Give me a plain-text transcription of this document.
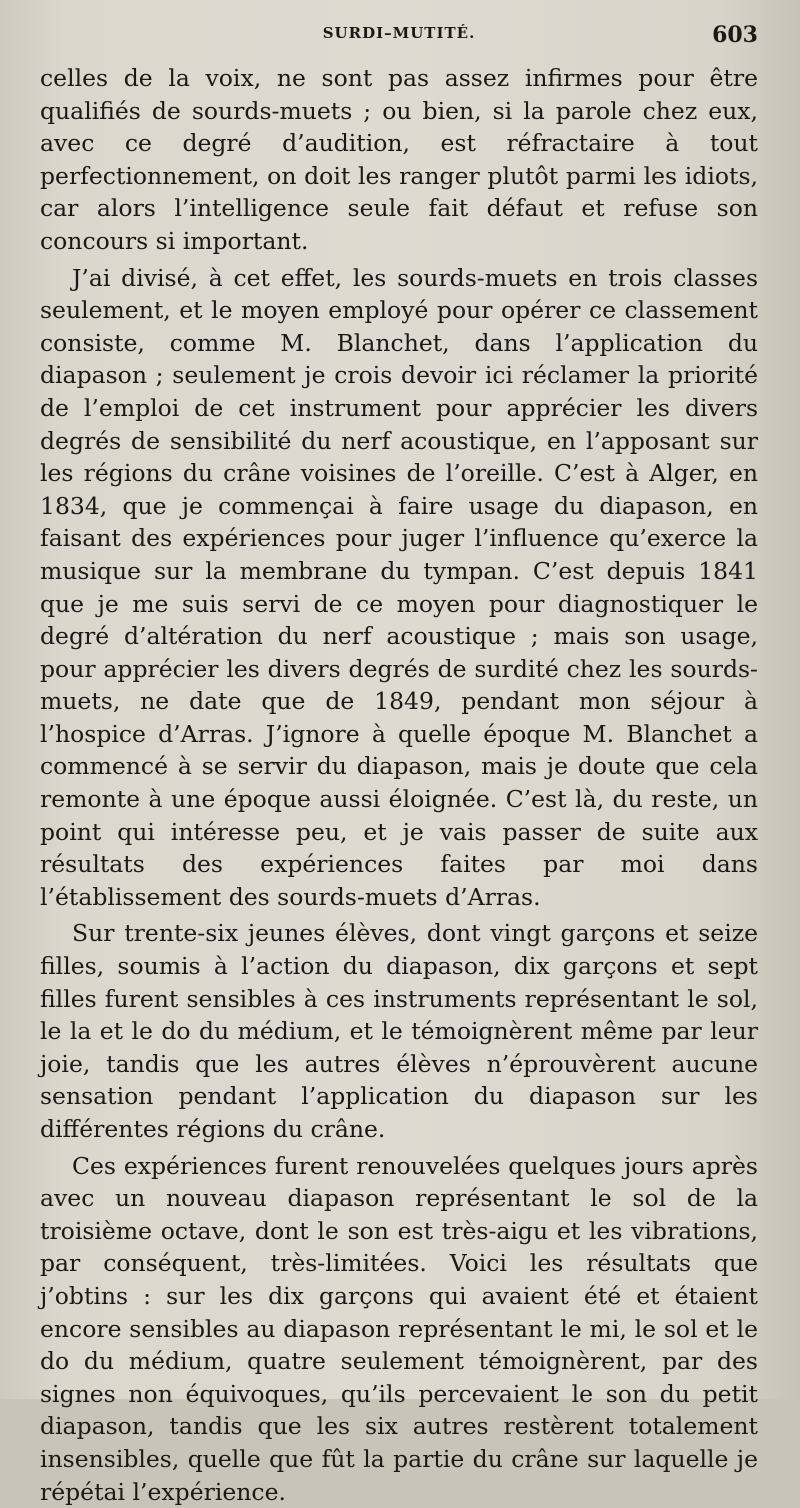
SURDI–MUTITÉ.	603

celles de la voix, ne sont pas assez infirmes pour être qualifiés de sourds-muets ; ou bien, si la parole chez eux, avec ce degré d’audition, est réfractaire à tout perfectionnement, on doit les ranger plutôt parmi les idiots, car alors l’intelligence seule fait défaut et refuse son concours si important.

J’ai divisé, à cet effet, les sourds-muets en trois classes seulement, et le moyen employé pour opérer ce classement consiste, comme M. Blanchet, dans l’application du diapason ; seulement je crois devoir ici réclamer la priorité de l’emploi de cet instrument pour apprécier les divers degrés de sensibilité du nerf acoustique, en l’apposant sur les régions du crâne voisines de l’oreille. C’est à Alger, en 1834, que je commençai à faire usage du diapason, en faisant des expériences pour juger l’influence qu’exerce la musique sur la membrane du tympan. C’est depuis 1841 que je me suis servi de ce moyen pour diagnostiquer le degré d’altération du nerf acoustique ; mais son usage, pour apprécier les divers degrés de surdité chez les sourds-muets, ne date que de 1849, pendant mon séjour à l’hospice d’Arras. J’ignore à quelle époque M. Blanchet a commencé à se servir du diapason, mais je doute que cela remonte à une époque aussi éloignée. C’est là, du reste, un point qui intéresse peu, et je vais passer de suite aux résultats des expériences faites par moi dans l’établissement des sourds-muets d’Arras.

Sur trente-six jeunes élèves, dont vingt garçons et seize filles, soumis à l’action du diapason, dix garçons et sept filles furent sensibles à ces instruments représentant le sol, le la et le do du médium, et le témoignèrent même par leur joie, tandis que les autres élèves n’éprouvèrent aucune sensation pendant l’application du diapason sur les différentes régions du crâne.

Ces expériences furent renouvelées quelques jours après avec un nouveau diapason représentant le sol de la troisième octave, dont le son est très-aigu et les vibrations, par conséquent, très-limitées. Voici les résultats que j’obtins : sur les dix garçons qui avaient été et étaient encore sensibles au diapason représentant le mi, le sol et le do du médium, quatre seulement témoignèrent, par des signes non équivoques, qu’ils percevaient le son du petit diapason, tandis que les six autres restèrent totalement insensibles, quelle que fût la partie du crâne sur laquelle je répétai l’expérience.
